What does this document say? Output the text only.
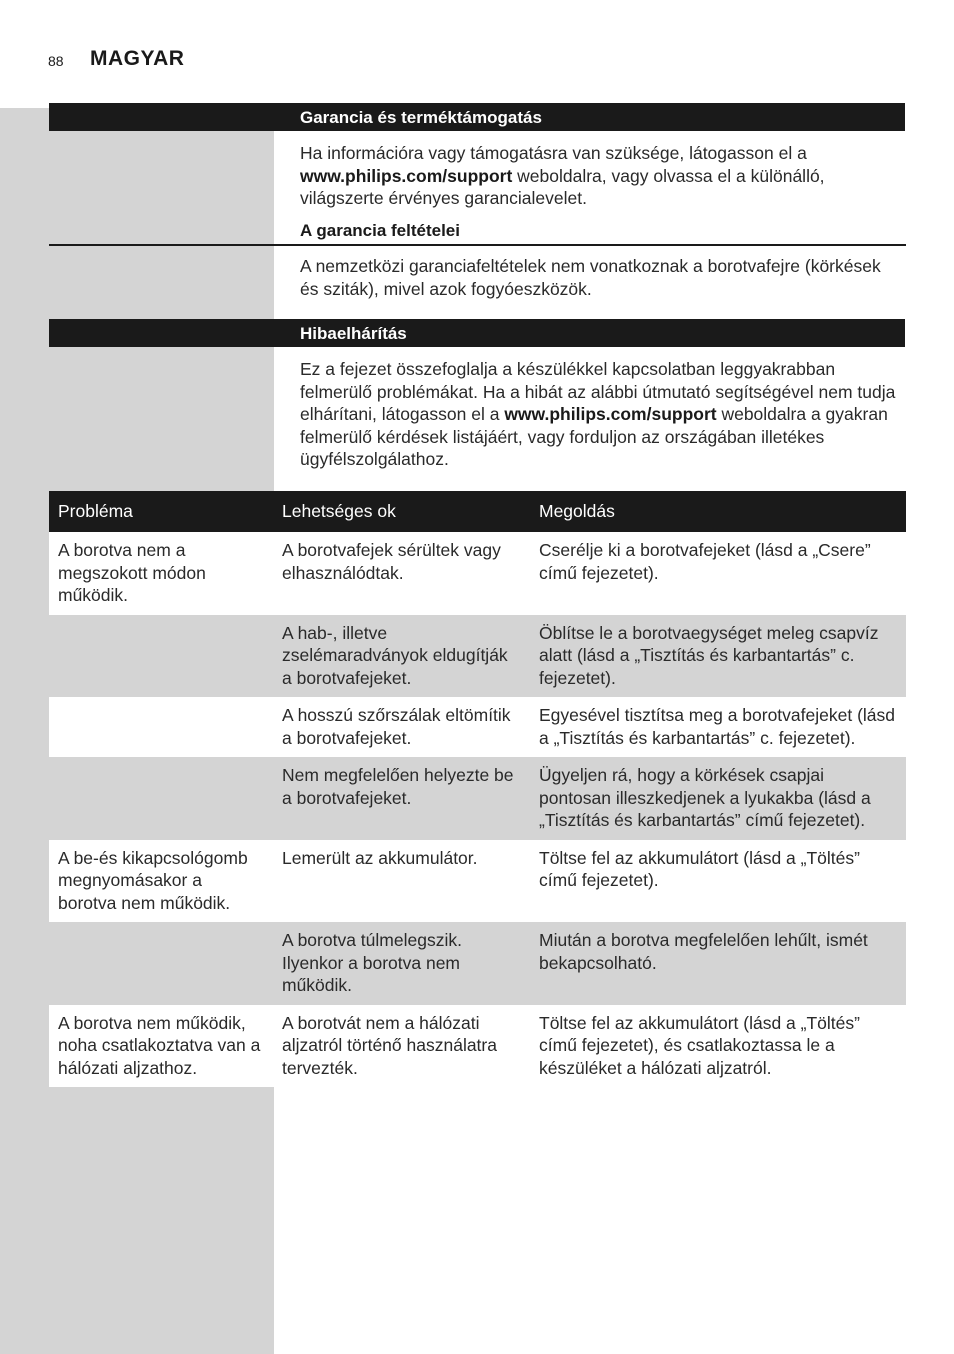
88 MAGYAR
Garancia és terméktámogatás
Ha információra vagy támogatásra van szüksége, látogasson el a www.philips.com/support weboldalra, vagy olvassa el a különálló, világszerte érvényes garancialevelet.
A garancia feltételei
A nemzetközi garanciafeltételek nem vonatkoznak a borotvafejre (körkések és sziták), mivel azok fogyóeszközök.
Hibaelhárítás
Ez a fejezet összefoglalja a készülékkel kapcsolatban leggyakrabban felmerülő problémákat. Ha a hibát az alábbi útmutató segítségével nem tudja elhárítani, látogasson el a www.philips.com/support weboldalra a gyakran felmerülő kérdések listájáért, vagy forduljon az országában illetékes ügyfélszolgálathoz.
Probléma	Lehetséges ok	Megoldás
A borotva nem a megszokott módon működik.	A borotvafejek sérültek vagy elhasználódtak.	Cserélje ki a borotvafejeket (lásd a „Csere” című fejezetet).
	A hab-, illetve zselémaradványok eldugítják a borotvafejeket.	Öblítse le a borotvaegységet meleg csapvíz alatt (lásd a „Tisztítás és karbantartás” c. fejezetet).
	A hosszú szőrszálak eltömítik a borotvafejeket.	Egyesével tisztítsa meg a borotvafejeket (lásd a „Tisztítás és karbantartás” c. fejezetet).
	Nem megfelelően helyezte be a borotvafejeket.	Ügyeljen rá, hogy a körkések csapjai pontosan illeszkedjenek a lyukakba (lásd a „Tisztítás és karbantartás” című fejezetet).
A be-és kikapcsológomb megnyomásakor a borotva nem működik.	Lemerült az akkumulátor.	Töltse fel az akkumulátort (lásd a „Töltés” című fejezetet).
	A borotva túlmelegszik. Ilyenkor a borotva nem működik.	Miután a borotva megfelelően lehűlt, ismét bekapcsolható.
A borotva nem működik, noha csatlakoztatva van a hálózati aljzathoz.	A borotvát nem a hálózati aljzatról történő használatra tervezték.	Töltse fel az akkumulátort (lásd a „Töltés” című fejezetet), és csatlakoztassa le a készüléket a hálózati aljzatról.
